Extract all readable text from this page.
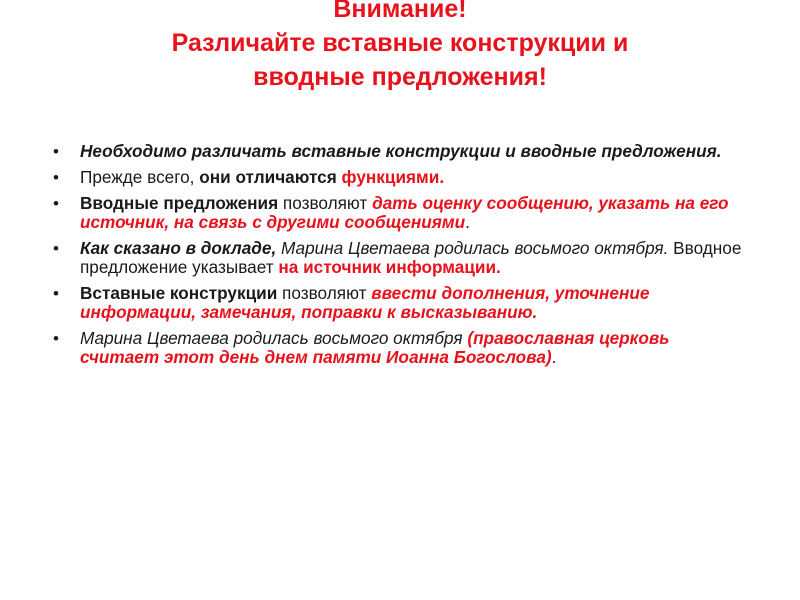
Внимание!
Различайте вставные конструкции и
вводные предложения!
• Необходимо различать вставные конструкции и вводные предложения.
• Прежде всего, они отличаются функциями.
• Вводные предложения позволяют дать оценку сообщению, указать на его источник, на связь с другими сообщениями.
• Как сказано в докладе, Марина Цветаева родилась восьмого октября. Вводное предложение указывает на источник информации.
• Вставные конструкции позволяют ввести дополнения, уточнение информации, замечания, поправки к высказыванию.
• Марина Цветаева родилась восьмого октября (православная церковь считает этот день днем памяти Иоанна Богослова).
